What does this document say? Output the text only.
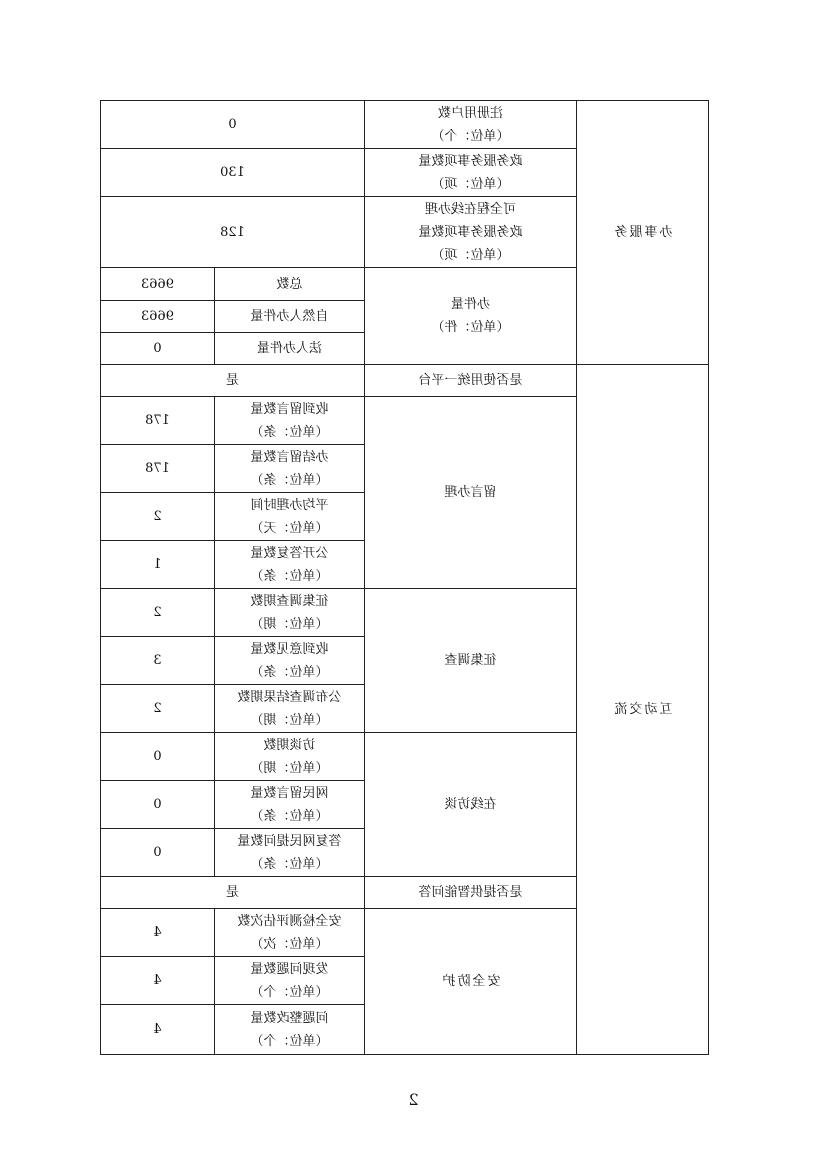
办事服务	注册用户数
（单位：个）	0	

	政务服务事项数量
（单位：项）	130	

	可全程在线办理
政务服务事项数量
（单位：项）	128	

	办件量
（单位：件）	总数	9663
		自然人办件量	9663
		法人办件量	0
互动交流	是否使用统一平台	是	
	留言办理	收到留言数量
（单位：条）	178

		办结留言数量
（单位：条）	178

		平均办理时间
（单位：天）	2

		公开答复数量
（单位：条）	1
	征集调查	征集调查期数
（单位：期）	2

		收到意见数量
（单位：条）	3

		公布调查结果期数
（单位：期）	2
	在线访谈	访谈期数
（单位：期）	0

		网民留言数量
（单位：条）	0

		答复网民提问数量
（单位：条）	0
	是否提供智能问答	是	
	安全防护	安全检测评估次数
（单位：次）	4

		发现问题数量
（单位：个）	4

		问题整改数量
（单位：个）	4
2
